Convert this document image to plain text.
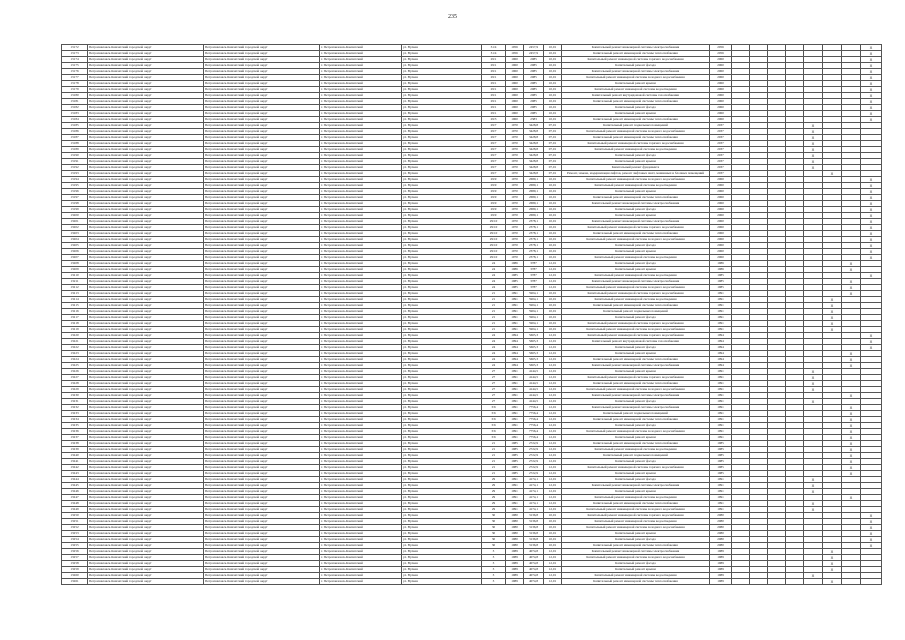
235
13172	Петропавловск-Камчатский городской округ	Петропавловск-Камчатский городской округ	г. Петропавловск-Камчатский	ул. Вулкан	31/4	1956	2457,9	10,01	Капитальный ремонт инженерной системы электроснабжения	2056								Х
13173	Петропавловск-Камчатский городской округ	Петропавловск-Камчатский городской округ	г. Петропавловск-Камчатский	ул. Вулкан	31/4	1956	2457,9	10,01	Капитальный ремонт инженерной системы теплоснабжения	2056								Х
13174	Петропавловск-Камчатский городской округ	Петропавловск-Камчатский городской округ	г. Петропавловск-Камчатский	ул. Вулкан	29/1	1960	2085	10,01	Капитальный ремонт инженерной системы горячего водоснабжения	2060								Х
13175	Петропавловск-Камчатский городской округ	Петропавловск-Камчатский городской округ	г. Петропавловск-Камчатский	ул. Вулкан	29/1	1960	2085	10,01	Капитальный ремонт фасада	2060								Х
13176	Петропавловск-Камчатский городской округ	Петропавловск-Камчатский городской округ	г. Петропавловск-Камчатский	ул. Вулкан	29/1	1960	2085	10,01	Капитальный ремонт инженерной системы электроснабжения	2060								Х
13177	Петропавловск-Камчатский городской округ	Петропавловск-Камчатский городской округ	г. Петропавловск-Камчатский	ул. Вулкан	29/1	1960	2085	10,01	Капитальный ремонт инженерной системы холодного водоснабжения	2060								Х
13178	Петропавловск-Камчатский городской округ	Петропавловск-Камчатский городской округ	г. Петропавловск-Камчатский	ул. Вулкан	29/1	1960	2085	10,01	Капитальный ремонт крыши	2060								Х
13179	Петропавловск-Камчатский городской округ	Петропавловск-Камчатский городской округ	г. Петропавловск-Камчатский	ул. Вулкан	29/1	1960	2085	10,01	Капитальный ремонт инженерной системы водоотведения	2060								Х
13180	Петропавловск-Камчатский городской округ	Петропавловск-Камчатский городской округ	г. Петропавловск-Камчатский	ул. Вулкан	29/1	1960	2085	10,01	Капитальный ремонт внутридомовой системы газоснабжения	2060								Х
13181	Петропавловск-Камчатский городской округ	Петропавловск-Камчатский городской округ	г. Петропавловск-Камчатский	ул. Вулкан	29/1	1960	2085	10,01	Капитальный ремонт инженерной системы теплоснабжения	2060								Х
13182	Петропавловск-Камчатский городской округ	Петропавловск-Камчатский городской округ	г. Петропавловск-Камчатский	ул. Вулкан	29/1	1960	2085	10,01	Капитальный ремонт фасада	2060								Х
13183	Петропавловск-Камчатский городской округ	Петропавловск-Камчатский городской округ	г. Петропавловск-Камчатский	ул. Вулкан	29/1	1960	2085	10,01	Капитальный ремонт крыши	2060								Х
13184	Петропавловск-Камчатский городской округ	Петропавловск-Камчатский городской округ	г. Петропавловск-Камчатский	ул. Вулкан	29/3	1960	2383	10,01	Капитальный ремонт инженерной системы теплоснабжения	2060								Х
13185	Петропавловск-Камчатский городской округ	Петропавловск-Камчатский городской округ	г. Петропавловск-Камчатский	ул. Вулкан	29/7	1970	3428,8	07,01	Капитальный ремонт подвальных помещений	2037					Х			
13186	Петропавловск-Камчатский городской округ	Петропавловск-Камчатский городской округ	г. Петропавловск-Камчатский	ул. Вулкан	29/7	1970	3428,8	07,01	Капитальный ремонт инженерной системы холодного водоснабжения	2037					Х			
13187	Петропавловск-Камчатский городской округ	Петропавловск-Камчатский городской округ	г. Петропавловск-Камчатский	ул. Вулкан	29/7	1970	3428,8	07,01	Капитальный ремонт инженерной системы теплоснабжения	2037					Х			
13188	Петропавловск-Камчатский городской округ	Петропавловск-Камчатский городской округ	г. Петропавловск-Камчатский	ул. Вулкан	29/7	1970	3428,8	07,01	Капитальный ремонт инженерной системы горячего водоснабжения	2037					Х			
13189	Петропавловск-Камчатский городской округ	Петропавловск-Камчатский городской округ	г. Петропавловск-Камчатский	ул. Вулкан	29/7	1970	3428,8	07,01	Капитальный ремонт инженерной системы водоотведения	2037					Х			
13190	Петропавловск-Камчатский городской округ	Петропавловск-Камчатский городской округ	г. Петропавловск-Камчатский	ул. Вулкан	29/7	1970	3428,8	07,01	Капитальный ремонт фасада	2037					Х			
13191	Петропавловск-Камчатский городской округ	Петропавловск-Камчатский городской округ	г. Петропавловск-Камчатский	ул. Вулкан	29/7	1970	3428,8	07,01	Капитальный ремонт крыши	2037					Х			
13192	Петропавловск-Камчатский городской округ	Петропавловск-Камчатский городской округ	г. Петропавловск-Камчатский	ул. Вулкан	29/7	1970	3428,8	07,01	Капитальный ремонт фундамента	2037					Х			
13193	Петропавловск-Камчатский городской округ	Петропавловск-Камчатский городской округ	г. Петропавловск-Камчатский	ул. Вулкан	29/7	1970	3428,8	07,01	Ремонт, замена, модернизация лифтов, ремонт лифтовых шахт, машинных и блочных помещений	2037						Х		
13194	Петропавловск-Камчатский городской округ	Петропавловск-Камчатский городской округ	г. Петропавловск-Камчатский	ул. Вулкан	29/9	1970	2689,1	10,01	Капитальный ремонт инженерной системы холодного водоснабжения	2060								Х
13195	Петропавловск-Камчатский городской округ	Петропавловск-Камчатский городской округ	г. Петропавловск-Камчатский	ул. Вулкан	29/9	1970	2689,1	10,01	Капитальный ремонт инженерной системы водоотведения	2060								Х
13196	Петропавловск-Камчатский городской округ	Петропавловск-Камчатский городской округ	г. Петропавловск-Камчатский	ул. Вулкан	29/9	1970	2689,1	10,01	Капитальный ремонт крыши	2060								Х
13197	Петропавловск-Камчатский городской округ	Петропавловск-Камчатский городской округ	г. Петропавловск-Камчатский	ул. Вулкан	29/9	1970	2689,1	10,01	Капитальный ремонт инженерной системы теплоснабжения	2060								Х
13198	Петропавловск-Камчатский городской округ	Петропавловск-Камчатский городской округ	г. Петропавловск-Камчатский	ул. Вулкан	29/9	1970	2689,1	10,01	Капитальный ремонт инженерной системы электроснабжения	2060								Х
13199	Петропавловск-Камчатский городской округ	Петропавловск-Камчатский городской округ	г. Петропавловск-Камчатский	ул. Вулкан	29/9	1970	2689,1	10,01	Капитальный ремонт фасада	2060								Х
13200	Петропавловск-Камчатский городской округ	Петропавловск-Камчатский городской округ	г. Петропавловск-Камчатский	ул. Вулкан	29/9	1970	2689,1	10,01	Капитальный ремонт крыши	2060								Х
13201	Петропавловск-Камчатский городской округ	Петропавловск-Камчатский городской округ	г. Петропавловск-Камчатский	ул. Вулкан	29/10	1970	2378,1	10,01	Капитальный ремонт инженерной системы электроснабжения	2060								Х
13202	Петропавловск-Камчатский городской округ	Петропавловск-Камчатский городской округ	г. Петропавловск-Камчатский	ул. Вулкан	29/10	1970	2378,1	10,01	Капитальный ремонт инженерной системы горячего водоснабжения	2060								Х
13203	Петропавловск-Камчатский городской округ	Петропавловск-Камчатский городской округ	г. Петропавловск-Камчатский	ул. Вулкан	29/10	1970	2378,1	10,01	Капитальный ремонт инженерной системы теплоснабжения	2060								Х
13204	Петропавловск-Камчатский городской округ	Петропавловск-Камчатский городской округ	г. Петропавловск-Камчатский	ул. Вулкан	29/10	1970	2378,1	10,01	Капитальный ремонт инженерной системы холодного водоснабжения	2060								Х
13205	Петропавловск-Камчатский городской округ	Петропавловск-Камчатский городской округ	г. Петропавловск-Камчатский	ул. Вулкан	29/10	1970	2378,1	10,01	Капитальный ремонт фасада	2060								Х
13206	Петропавловск-Камчатский городской округ	Петропавловск-Камчатский городской округ	г. Петропавловск-Камчатский	ул. Вулкан	29/10	1970	2378,1	10,01	Капитальный ремонт крыши	2060								Х
13207	Петропавловск-Камчатский городской округ	Петропавловск-Камчатский городской округ	г. Петропавловск-Камчатский	ул. Вулкан	29/10	1970	2378,1	10,01	Капитальный ремонт инженерной системы водоотведения	2060								Х
13208	Петропавловск-Камчатский городской округ	Петропавловск-Камчатский городской округ	г. Петропавловск-Камчатский	ул. Вулкан	24	1986	3787	12,01	Капитальный ремонт фасада	1986							Х	
13209	Петропавловск-Камчатский городской округ	Петропавловск-Камчатский городской округ	г. Петропавловск-Камчатский	ул. Вулкан	24	1986	3787	12,01	Капитальный ремонт крыши	1986							Х	
13210	Петропавловск-Камчатский городской округ	Петропавловск-Камчатский городской округ	г. Петропавловск-Камчатский	ул. Вулкан	24	1985	3787	12,01	Капитальный ремонт инженерной системы водоотведения	1985								Х
13211	Петропавловск-Камчатский городской округ	Петропавловск-Камчатский городской округ	г. Петропавловск-Камчатский	ул. Вулкан	24	1985	3787	12,01	Капитальный ремонт инженерной системы электроснабжения	1985							Х	
13212	Петропавловск-Камчатский городской округ	Петропавловск-Камчатский городской округ	г. Петропавловск-Камчатский	ул. Вулкан	24	1985	3787	12,01	Капитальный ремонт инженерной системы холодного водоснабжения	1985							Х	
13213	Петропавловск-Камчатский городской округ	Петропавловск-Камчатский городской округ	г. Петропавловск-Камчатский	ул. Вулкан	21	1991	5904,1	10,01	Капитальный ремонт инженерной системы горячего водоснабжения	1991							Х	
13214	Петропавловск-Камчатский городской округ	Петропавловск-Камчатский городской округ	г. Петропавловск-Камчатский	ул. Вулкан	21	1991	5904,1	10,01	Капитальный ремонт инженерной системы водоотведения	1991						Х		
13215	Петропавловск-Камчатский городской округ	Петропавловск-Камчатский городской округ	г. Петропавловск-Камчатский	ул. Вулкан	21	1991	5904,1	10,01	Капитальный ремонт инженерной системы теплоснабжения	1991						Х		
13216	Петропавловск-Камчатский городской округ	Петропавловск-Камчатский городской округ	г. Петропавловск-Камчатский	ул. Вулкан	21	1991	5904,1	10,01	Капитальный ремонт подвальных помещений	1991						Х		
13217	Петропавловск-Камчатский городской округ	Петропавловск-Камчатский городской округ	г. Петропавловск-Камчатский	ул. Вулкан	21	1991	5904,1	10,01	Капитальный ремонт фасада	1991						Х		
13218	Петропавловск-Камчатский городской округ	Петропавловск-Камчатский городской округ	г. Петропавловск-Камчатский	ул. Вулкан	21	1991	5904,1	10,01	Капитальный ремонт инженерной системы горячего водоснабжения	1991						Х		
13219	Петропавловск-Камчатский городской округ	Петропавловск-Камчатский городской округ	г. Петропавловск-Камчатский	ул. Вулкан	21	1991	5904,1	10,01	Капитальный ремонт инженерной системы холодного водоснабжения	1991						Х		
13220	Петропавловск-Камчатский городской округ	Петропавловск-Камчатский городской округ	г. Петропавловск-Камчатский	ул. Вулкан	24	1994	5665,3	12,01	Капитальный ремонт инженерной системы горячего водоснабжения	1994								Х
13221	Петропавловск-Камчатский городской округ	Петропавловск-Камчатский городской округ	г. Петропавловск-Камчатский	ул. Вулкан	24	1994	5665,3	12,01	Капитальный ремонт внутридомовой системы газоснабжения	1994								Х
13222	Петропавловск-Камчатский городской округ	Петропавловск-Камчатский городской округ	г. Петропавловск-Камчатский	ул. Вулкан	24	1994	5665,3	12,01	Капитальный ремонт фасада	1994								Х
13223	Петропавловск-Камчатский городской округ	Петропавловск-Камчатский городской округ	г. Петропавловск-Камчатский	ул. Вулкан	24	1994	5665,3	12,01	Капитальный ремонт крыши	1994							Х	
13224	Петропавловск-Камчатский городской округ	Петропавловск-Камчатский городской округ	г. Петропавловск-Камчатский	ул. Вулкан	24	1994	5665,3	12,01	Капитальный ремонт инженерной системы теплоснабжения	1994							Х	
13225	Петропавловск-Камчатский городской округ	Петропавловск-Камчатский городской округ	г. Петропавловск-Камчатский	ул. Вулкан	24	1994	5665,3	12,01	Капитальный ремонт инженерной системы электроснабжения	1994							Х	
13226	Петропавловск-Камчатский городской округ	Петропавловск-Камчатский городской округ	г. Петропавловск-Камчатский	ул. Вулкан	27	1991	4144,5	12,01	Капитальный ремонт крыши	1991					Х			
13227	Петропавловск-Камчатский городской округ	Петропавловск-Камчатский городской округ	г. Петропавловск-Камчатский	ул. Вулкан	27	1991	4144,5	12,01	Капитальный ремонт инженерной системы горячего водоснабжения	1991					Х			
13228	Петропавловск-Камчатский городской округ	Петропавловск-Камчатский городской округ	г. Петропавловск-Камчатский	ул. Вулкан	27	1991	4144,5	12,01	Капитальный ремонт инженерной системы теплоснабжения	1991					Х			
13229	Петропавловск-Камчатский городской округ	Петропавловск-Камчатский городской округ	г. Петропавловск-Камчатский	ул. Вулкан	27	1991	4144,5	12,01	Капитальный ремонт инженерной системы холодного водоснабжения	1991					Х			
13230	Петропавловск-Камчатский городской округ	Петропавловск-Камчатский городской округ	г. Петропавловск-Камчатский	ул. Вулкан	27	1991	4144,5	12,01	Капитальный ремонт инженерной системы электроснабжения	1991							Х	
13231	Петропавловск-Камчатский городской округ	Петропавловск-Камчатский городской округ	г. Петропавловск-Камчатский	ул. Вулкан	27	1991	4144,5	12,01	Капитальный ремонт фасада	1991					Х			
13232	Петропавловск-Камчатский городской округ	Петропавловск-Камчатский городской округ	г. Петропавловск-Камчатский	ул. Вулкан	3/6	1991	7756,4	12,01	Капитальный ремонт инженерной системы электроснабжения	1991							Х	
13233	Петропавловск-Камчатский городской округ	Петропавловск-Камчатский городской округ	г. Петропавловск-Камчатский	ул. Вулкан	3/6	1991	7756,4	12,01	Капитальный ремонт подвальных помещений	1991							Х	
13234	Петропавловск-Камчатский городской округ	Петропавловск-Камчатский городской округ	г. Петропавловск-Камчатский	ул. Вулкан	3/6	1991	7756,4	12,01	Капитальный ремонт инженерной системы теплоснабжения	1991							Х	
13235	Петропавловск-Камчатский городской округ	Петропавловск-Камчатский городской округ	г. Петропавловск-Камчатский	ул. Вулкан	3/6	1991	7756,4	12,01	Капитальный ремонт фасада	1991							Х	
13236	Петропавловск-Камчатский городской округ	Петропавловск-Камчатский городской округ	г. Петропавловск-Камчатский	ул. Вулкан	3/6	1991	7756,4	12,01	Капитальный ремонт инженерной системы холодного водоснабжения	1991							Х	
13237	Петропавловск-Камчатский городской округ	Петропавловск-Камчатский городской округ	г. Петропавловск-Камчатский	ул. Вулкан	3/6	1991	7756,4	12,01	Капитальный ремонт крыши	1991							Х	
13238	Петропавловск-Камчатский городской округ	Петропавловск-Камчатский городской округ	г. Петропавловск-Камчатский	ул. Вулкан	21	1985	2722,9	12,01	Капитальный ремонт инженерной системы теплоснабжения	1985							Х	
13239	Петропавловск-Камчатский городской округ	Петропавловск-Камчатский городской округ	г. Петропавловск-Камчатский	ул. Вулкан	21	1985	2722,9	12,01	Капитальный ремонт инженерной системы водоотведения	1985							Х	
13240	Петропавловск-Камчатский городской округ	Петропавловск-Камчатский городской округ	г. Петропавловск-Камчатский	ул. Вулкан	21	1985	2722,9	12,01	Капитальный ремонт подвальных помещений	1985							Х	
13241	Петропавловск-Камчатский городской округ	Петропавловск-Камчатский городской округ	г. Петропавловск-Камчатский	ул. Вулкан	21	1985	2722,9	12,01	Капитальный ремонт фасада	1985							Х	
13242	Петропавловск-Камчатский городской округ	Петропавловск-Камчатский городской округ	г. Петропавловск-Камчатский	ул. Вулкан	21	1985	2722,9	12,01	Капитальный ремонт инженерной системы горячего водоснабжения	1985							Х	
13243	Петропавловск-Камчатский городской округ	Петропавловск-Камчатский городской округ	г. Петропавловск-Камчатский	ул. Вулкан	21	1985	2722,9	12,01	Капитальный ремонт крыши	1985							Х	
13244	Петропавловск-Камчатский городской округ	Петропавловск-Камчатский городской округ	г. Петропавловск-Камчатский	ул. Вулкан	29	1991	4174,1	12,01	Капитальный ремонт фасада	1991					Х			
13245	Петропавловск-Камчатский городской округ	Петропавловск-Камчатский городской округ	г. Петропавловск-Камчатский	ул. Вулкан	29	1991	4174,1	12,01	Капитальный ремонт инженерной системы электроснабжения	1991					Х			
13246	Петропавловск-Камчатский городской округ	Петропавловск-Камчатский городской округ	г. Петропавловск-Камчатский	ул. Вулкан	29	1991	4174,1	12,01	Капитальный ремонт крыши	1991					Х			
13247	Петропавловск-Камчатский городской округ	Петропавловск-Камчатский городской округ	г. Петропавловск-Камчатский	ул. Вулкан	29	1991	4174,1	12,01	Капитальный ремонт инженерной системы водоотведения	1991							Х	
13248	Петропавловск-Камчатский городской округ	Петропавловск-Камчатский городской округ	г. Петропавловск-Камчатский	ул. Вулкан	29	1991	4174,1	12,01	Капитальный ремонт инженерной системы теплоснабжения	1991					Х			
13249	Петропавловск-Камчатский городской округ	Петропавловск-Камчатский городской округ	г. Петропавловск-Камчатский	ул. Вулкан	29	1991	4174,1	12,01	Капитальный ремонт инженерной системы холодного водоснабжения	1991					Х			
13250	Петропавловск-Камчатский городской округ	Петропавловск-Камчатский городской округ	г. Петропавловск-Камчатский	ул. Вулкан	30	1980	3136,8	10,01	Капитальный ремонт инженерной системы горячего водоснабжения	2080								Х
13251	Петропавловск-Камчатский городской округ	Петропавловск-Камчатский городской округ	г. Петропавловск-Камчатский	ул. Вулкан	30	1980	3136,8	10,01	Капитальный ремонт инженерной системы водоотведения	2080								Х
13252	Петропавловск-Камчатский городской округ	Петропавловск-Камчатский городской округ	г. Петропавловск-Камчатский	ул. Вулкан	30	1980	3136,8	10,01	Капитальный ремонт инженерной системы холодного водоснабжения	2080								Х
13253	Петропавловск-Камчатский городской округ	Петропавловск-Камчатский городской округ	г. Петропавловск-Камчатский	ул. Вулкан	30	1980	3136,8	10,01	Капитальный ремонт крыши	2080								Х
13254	Петропавловск-Камчатский городской округ	Петропавловск-Камчатский городской округ	г. Петропавловск-Камчатский	ул. Вулкан	30	1980	3136,8	10,01	Капитальный ремонт фасада	2080								Х
13255	Петропавловск-Камчатский городской округ	Петропавловск-Камчатский городской округ	г. Петропавловск-Камчатский	ул. Вулкан	30	1980	3136,8	10,01	Капитальный ремонт инженерной системы теплоснабжения	2080								Х
13256	Петропавловск-Камчатский городской округ	Петропавловск-Камчатский городской округ	г. Петропавловск-Камчатский	ул. Вулкан	3	1989	4074,8	12,01	Капитальный ремонт инженерной системы электроснабжения	1989						Х		
13257	Петропавловск-Камчатский городской округ	Петропавловск-Камчатский городской округ	г. Петропавловск-Камчатский	ул. Вулкан	3	1989	4074,8	12,01	Капитальный ремонт инженерной системы холодного водоснабжения	1989						Х		
13258	Петропавловск-Камчатский городской округ	Петропавловск-Камчатский городской округ	г. Петропавловск-Камчатский	ул. Вулкан	3	1989	4074,8	12,01	Капитальный ремонт фасада	1989						Х		
13259	Петропавловск-Камчатский городской округ	Петропавловск-Камчатский городской округ	г. Петропавловск-Камчатский	ул. Вулкан	3	1989	4074,8	12,01	Капитальный ремонт крыши	1989						Х		
13260	Петропавловск-Камчатский городской округ	Петропавловск-Камчатский городской округ	г. Петропавловск-Камчатский	ул. Вулкан	3	1989	4074,8	12,01	Капитальный ремонт инженерной системы водоотведения	1989					Х			
13261	Петропавловск-Камчатский городской округ	Петропавловск-Камчатский городской округ	г. Петропавловск-Камчатский	ул. Вулкан	3	1989	4074,8	12,01	Капитальный ремонт инженерной системы теплоснабжения	1989						Х		
